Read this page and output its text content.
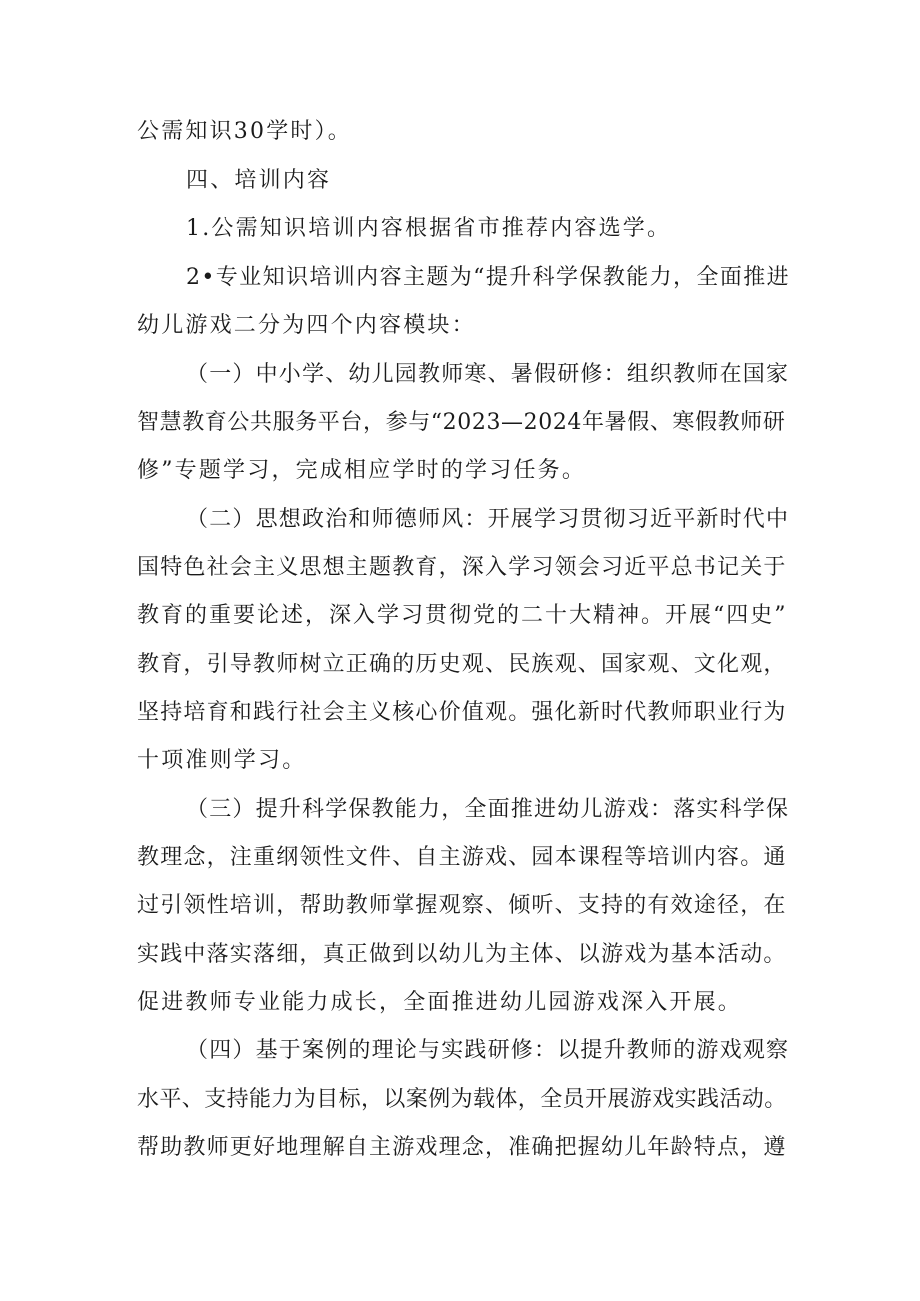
公需知识30学时）。
四、培训内容
1.公需知识培训内容根据省市推荐内容选学。
2•专业知识培训内容主题为“提升科学保教能力，全面推进
幼儿游戏二分为四个内容模块：
（一）中小学、幼儿园教师寒、暑假研修：组织教师在国家
智慧教育公共服务平台，参与“2023—2024年暑假、寒假教师研
修”专题学习，完成相应学时的学习任务。
（二）思想政治和师德师风：开展学习贯彻习近平新时代中
国特色社会主义思想主题教育，深入学习领会习近平总书记关于
教育的重要论述，深入学习贯彻党的二十大精神。开展“四史”
教育，引导教师树立正确的历史观、民族观、国家观、文化观，
坚持培育和践行社会主义核心价值观。强化新时代教师职业行为
十项准则学习。
（三）提升科学保教能力，全面推进幼儿游戏：落实科学保
教理念，注重纲领性文件、自主游戏、园本课程等培训内容。通
过引领性培训，帮助教师掌握观察、倾听、支持的有效途径，在
实践中落实落细，真正做到以幼儿为主体、以游戏为基本活动。
促进教师专业能力成长，全面推进幼儿园游戏深入开展。
（四）基于案例的理论与实践研修：以提升教师的游戏观察
水平、支持能力为目标，以案例为载体，全员开展游戏实践活动。
帮助教师更好地理解自主游戏理念，准确把握幼儿年龄特点，遵
